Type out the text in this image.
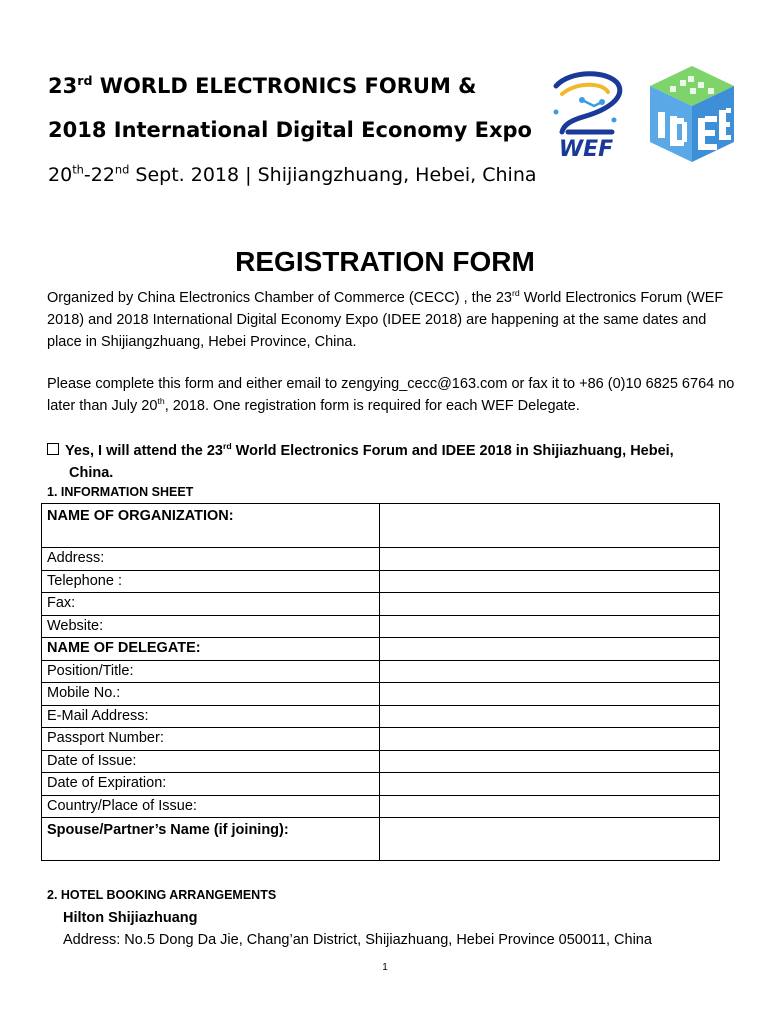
23rd WORLD ELECTRONICS FORUM &
2018 International Digital Economy Expo
20th-22nd Sept. 2018 | Shijiangzhuang, Hebei, China
WEF
REGISTRATION FORM
Organized by China Electronics Chamber of Commerce (CECC) , the 23rd World Electronics Forum (WEF 2018) and 2018 International Digital Economy Expo (IDEE 2018) are happening at the same dates and place in Shijiangzhuang, Hebei Province, China.
Please complete this form and either email to zengying_cecc@163.com or fax it to +86 (0)10 6825 6764 no later than July 20th, 2018. One registration form is required for each WEF Delegate.
Yes, I will attend the 23rd World Electronics Forum and IDEE 2018 in Shijiazhuang, Hebei,
China.
1. INFORMATION SHEET
NAME OF ORGANIZATION:	
Address:	
Telephone :	
Fax:	
Website:	
NAME OF DELEGATE:	
Position/Title:	
Mobile No.:	
E-Mail Address:	
Passport Number:	
Date of Issue:	
Date of Expiration:	
Country/Place of Issue:	
Spouse/Partner’s Name (if joining):	
2. HOTEL BOOKING ARRANGEMENTS
Hilton Shijiazhuang
Address: No.5 Dong Da Jie, Chang’an District, Shijiazhuang, Hebei Province 050011, China
1
